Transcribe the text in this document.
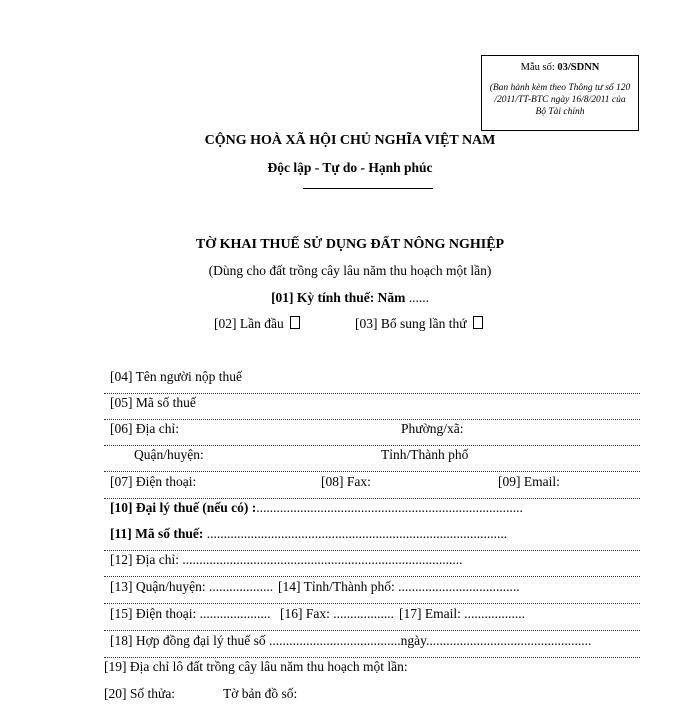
Mẫu số: 03/SDNN
(Ban hành kèm theo Thông tư số 120 /2011/TT-BTC ngày 16/8/2011 của Bộ Tài chính
CỘNG HOÀ XÃ HỘI CHỦ NGHĨA VIỆT NAM
Độc lập - Tự do - Hạnh phúc
TỜ KHAI THUẾ SỬ DỤNG ĐẤT NÔNG NGHIỆP
(Dùng cho đất trồng cây lâu năm thu hoạch một lần)
[01] Kỳ tính thuế: Năm ......
[02] Lần đầu	[03] Bổ sung lần thứ
[04] Tên người nộp thuế
[05] Mã số thuế
[06] Địa chỉ:	Phường/xã:
Quận/huyện:	Tỉnh/Thành phố
[07] Điện thoại:	[08] Fax:	[09] Email:
[10] Đại lý thuế (nếu có) :...............................................................................
[11] Mã số thuế: .........................................................................................
[12] Địa chỉ: ...................................................................................
[13] Quận/huyện: ................... [14] Tỉnh/Thành phố: ....................................
[15] Điện thoại: ..................... [16] Fax: .................. [17] Email: ..................
[18] Hợp đồng đại lý thuế số .......................................ngày.................................................
[19] Địa chỉ lô đất trồng cây lâu năm thu hoạch một lần:
[20] Số thửa:	Tờ bản đồ số:
